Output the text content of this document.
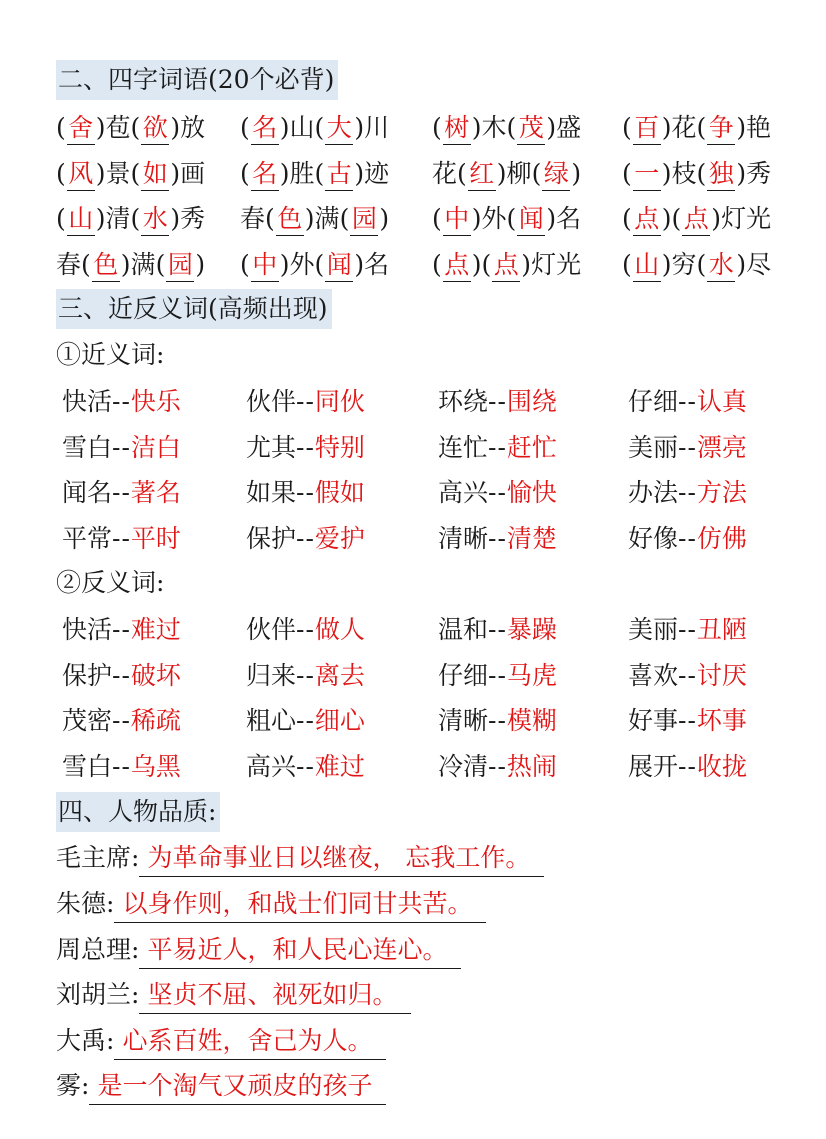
二、四字词语(20个必背)
(舍 )苞(欲 )放 (名 )山(大 )川 (树 )木(茂 )盛 (百 )花(争 )艳
(风 )景(如 )画 (名 )胜(古 )迹 花(红 )柳(绿 ) (一 )枝(独 )秀
(山 )清(水 )秀 春(色 )满(园 ) (中 )外(闻 )名 (点 )(点 )灯光
春(色 )满(园 ) (中 )外(闻 )名 (点 )(点 )灯光 (山 )穷(水 )尽
三、近反义词(高频出现)
①近义词:
快活--快乐	伙伴--同伙	环绕--围绕	仔细--认真
雪白--洁白	尤其--特别	连忙--赶忙	美丽--漂亮
闻名--著名	如果--假如	高兴--愉快	办法--方法
平常--平时	保护--爱护	清晰--清楚	好像--仿佛
②反义词:
快活--难过	伙伴--做人	温和--暴躁	美丽--丑陋
保护--破坏	归来--离去	仔细--马虎	喜欢--讨厌
茂密--稀疏	粗心--细心	清晰--模糊	好事--坏事
雪白--乌黑	高兴--难过	冷清--热闹	展开--收拢
四、人物品质:
毛主席: 为革命事业日以继夜， 忘我工作。
朱德: 以身作则，和战士们同甘共苦。
周总理: 平易近人，和人民心连心。
刘胡兰: 坚贞不屈、视死如归。
大禹: 心系百姓，舍己为人。
雾: 是一个淘气又顽皮的孩子
